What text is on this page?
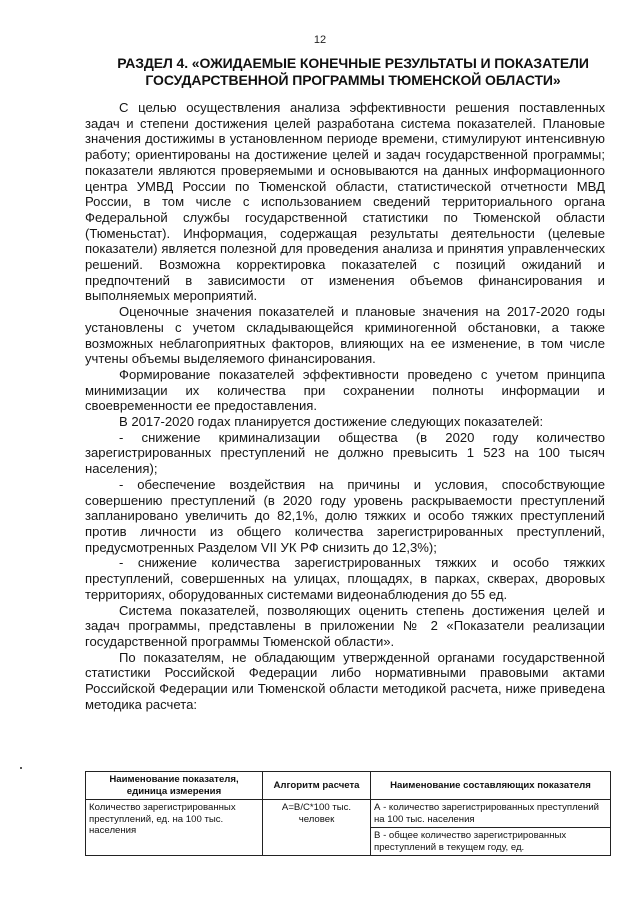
12
РАЗДЕЛ 4. «ОЖИДАЕМЫЕ КОНЕЧНЫЕ РЕЗУЛЬТАТЫ И ПОКАЗАТЕЛИ
ГОСУДАРСТВЕННОЙ ПРОГРАММЫ ТЮМЕНСКОЙ ОБЛАСТИ»

С целью осуществления анализа эффективности решения поставленных задач и степени достижения целей разработана система показателей. Плановые значения достижимы в установленном периоде времени, стимулируют интенсивную работу; ориентированы на достижение целей и задач государственной программы; показатели являются проверяемыми и основываются на данных информационного центра УМВД России по Тюменской области, статистической отчетности МВД России, в том числе с использованием сведений территориального органа Федеральной службы государственной статистики по Тюменской области (Тюменьстат). Информация, содержащая результаты деятельности (целевые показатели) является полезной для проведения анализа и принятия управленческих решений. Возможна корректировка показателей с позиций ожиданий и предпочтений в зависимости от изменения объемов финансирования и выполняемых мероприятий.

Оценочные значения показателей и плановые значения на 2017-2020 годы установлены с учетом складывающейся криминогенной обстановки, а также возможных неблагоприятных факторов, влияющих на ее изменение, в том числе учтены объемы выделяемого финансирования.

Формирование показателей эффективности проведено с учетом принципа минимизации их количества при сохранении полноты информации и своевременности ее предоставления.

В 2017-2020 годах планируется достижение следующих показателей:

- снижение криминализации общества (в 2020 году количество зарегистрированных преступлений не должно превысить 1 523 на 100 тысяч населения);

- обеспечение воздействия на причины и условия, способствующие совершению преступлений (в 2020 году уровень раскрываемости преступлений запланировано увеличить до 82,1%, долю тяжких и особо тяжких преступлений против личности из общего количества зарегистрированных преступлений, предусмотренных Разделом VII УК РФ снизить до 12,3%);

- снижение количества зарегистрированных тяжких и особо тяжких преступлений, совершенных на улицах, площадях, в парках, скверах, дворовых территориях, оборудованных системами видеонаблюдения до 55 ед.

Система показателей, позволяющих оценить степень достижения целей и задач программы, представлены в приложении № 2 «Показатели реализации государственной программы Тюменской области».

По показателям, не обладающим утвержденной органами государственной статистики Российской Федерации либо нормативными правовыми актами Российской Федерации или Тюменской области методикой расчета, ниже приведена методика расчета:

Наименование показателя, единица измерения	Алгоритм расчета	Наименование составляющих показателя
Количество зарегистрированных преступлений, ед. на 100 тыс. населения	А=В/С*100 тыс. человек	А - количество зарегистрированных преступлений на 100 тыс. населения
В - общее количество зарегистрированных преступлений в текущем году, ед.
